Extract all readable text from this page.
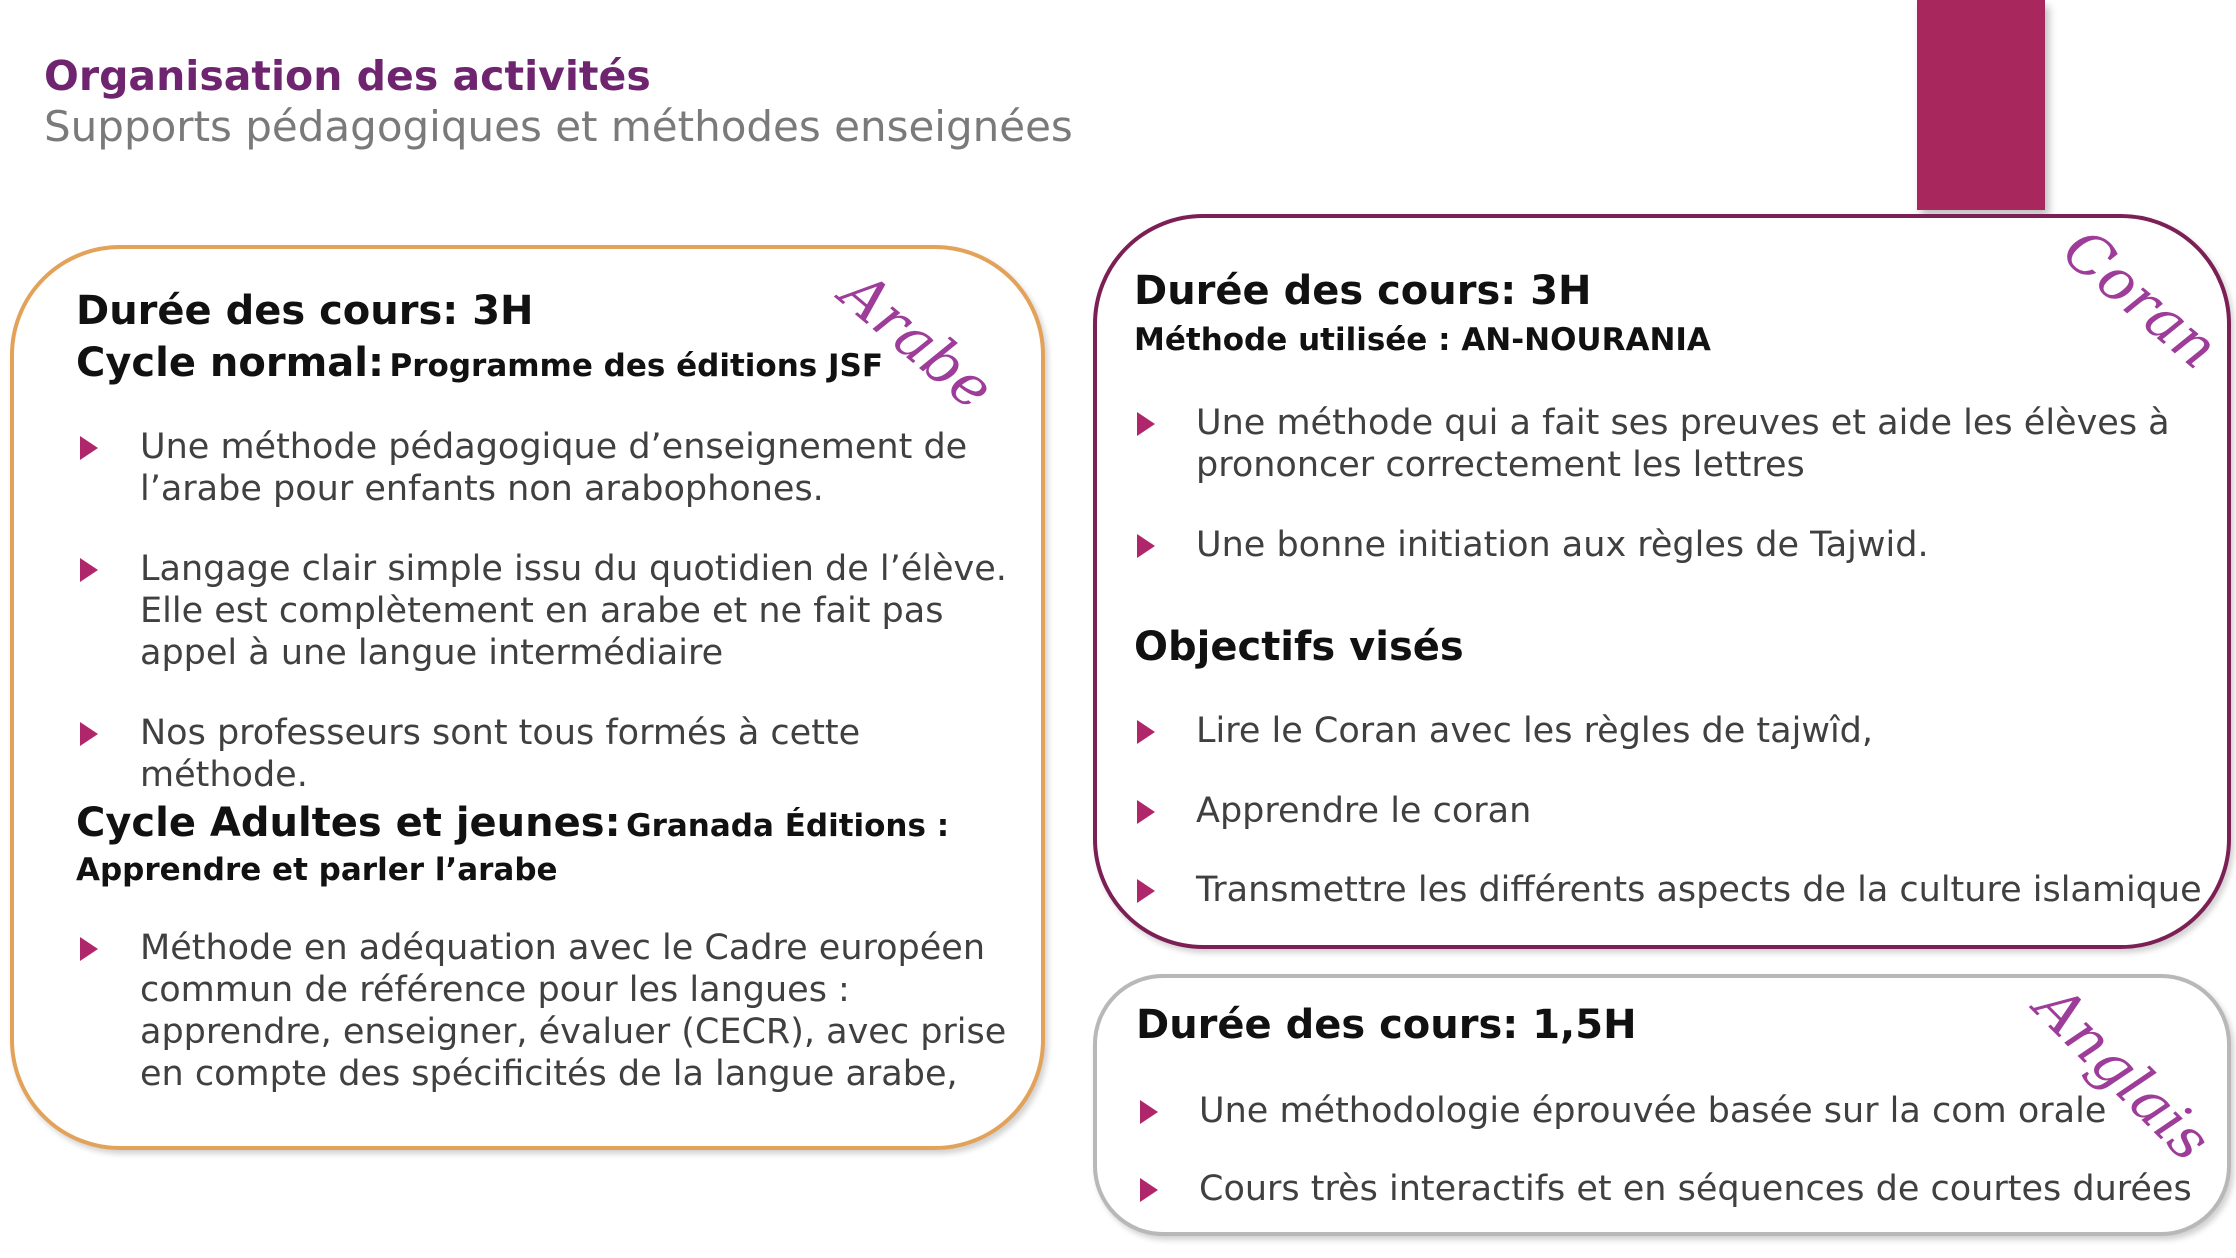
Organisation des activités
Supports pédagogiques et méthodes enseignées
Arabe
Durée des cours: 3H
Cycle normal: Programme des éditions JSF
Une méthode pédagogique d’enseignement de l’arabe pour enfants non arabophones.
Langage clair simple issu du quotidien de l’élève. Elle est complètement en arabe et ne fait pas appel à une langue intermédiaire
Nos professeurs sont tous formés à cette méthode.
Cycle Adultes et jeunes: Granada Éditions :
Apprendre et parler l’arabe
Méthode en adéquation avec le Cadre européen commun de référence pour les langues : apprendre, enseigner, évaluer (CECR), avec prise en compte des spécificités de la langue arabe,
Coran
Durée des cours: 3H
Méthode utilisée : AN-NOURANIA
Une méthode qui a fait ses preuves et aide les élèves à prononcer correctement les lettres
Une bonne initiation aux règles de Tajwid.
Objectifs visés
Lire le Coran avec les règles de tajwîd,
Apprendre le coran
Transmettre les différents aspects de la culture islamique
Anglais
Durée des cours: 1,5H
Une méthodologie éprouvée basée sur la com orale
Cours très interactifs et en séquences de courtes durées
